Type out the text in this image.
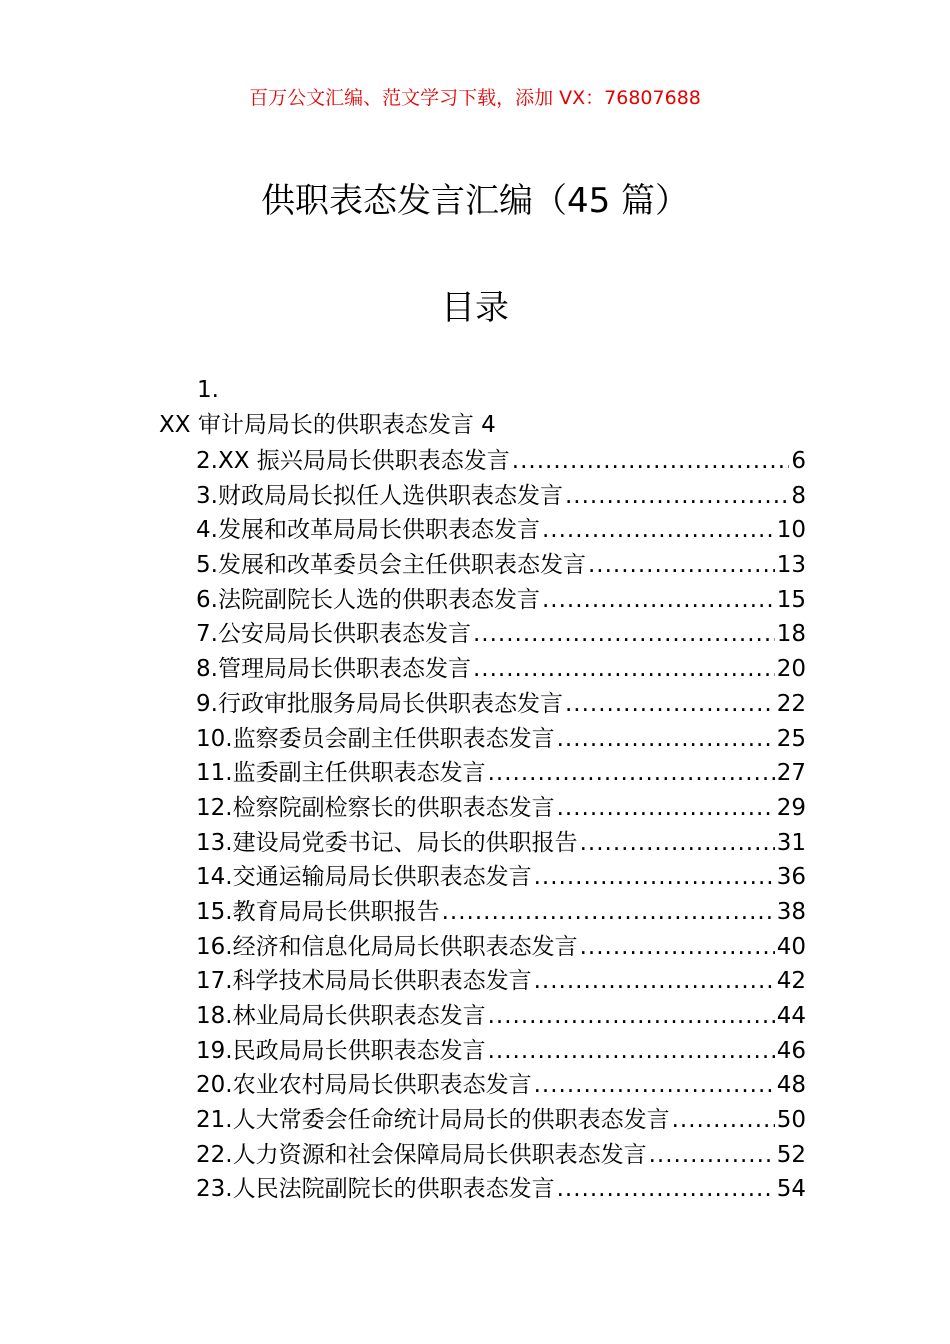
百万公文汇编、范文学习下载，添加 VX：76807688
供职表态发言汇编（45 篇）
目录
1.
XX 审计局局长的供职表态发言 4
2.XX 振兴局局长供职表态发言 .....	6
3.财政局局长拟任人选供职表态发言 .....	8
4.发展和改革局局长供职表态发言 .....	10
5.发展和改革委员会主任供职表态发言 .....	13
6.法院副院长人选的供职表态发言 .....	15
7.公安局局长供职表态发言 .....	18
8.管理局局长供职表态发言 .....	20
9.行政审批服务局局长供职表态发言 .....	22
10.监察委员会副主任供职表态发言 .....	25
11.监委副主任供职表态发言 .....	27
12.检察院副检察长的供职表态发言 .....	29
13.建设局党委书记、局长的供职报告 .....	31
14.交通运输局局长供职表态发言 .....	36
15.教育局局长供职报告 .....	38
16.经济和信息化局局长供职表态发言 .....	40
17.科学技术局局长供职表态发言 .....	42
18.林业局局长供职表态发言 .....	44
19.民政局局长供职表态发言 .....	46
20.农业农村局局长供职表态发言 .....	48
21.人大常委会任命统计局局长的供职表态发言 .....	50
22.人力资源和社会保障局局长供职表态发言 .....	52
23.人民法院副院长的供职表态发言 .....	54
